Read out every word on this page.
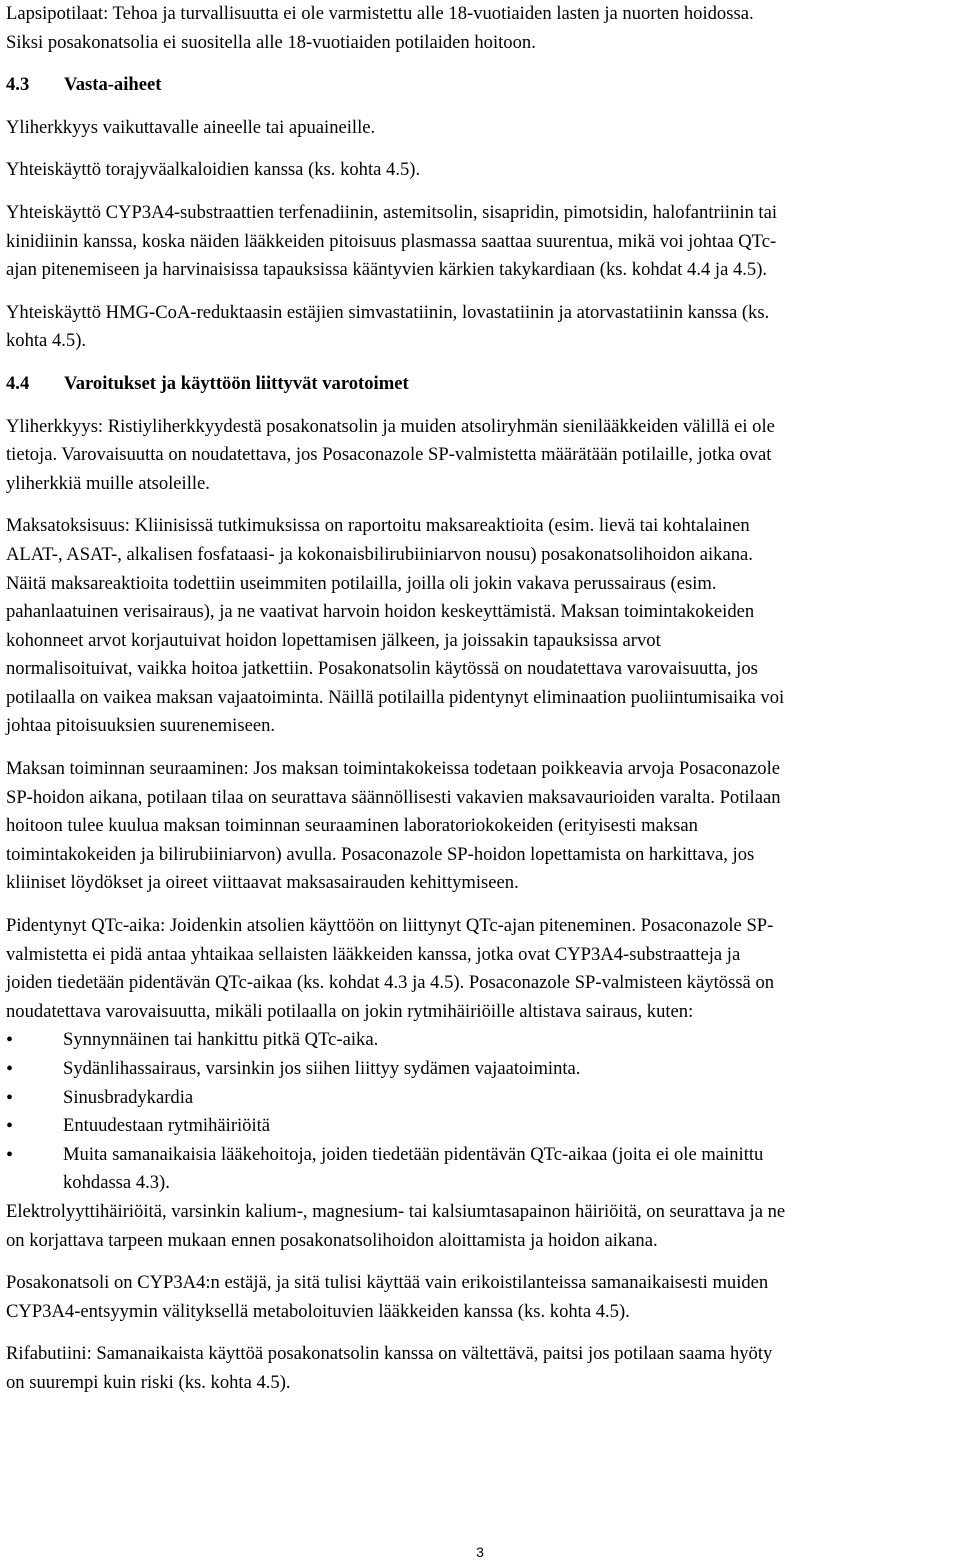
Lapsipotilaat: Tehoa ja turvallisuutta ei ole varmistettu alle 18-vuotiaiden lasten ja nuorten hoidossa.
Siksi posakonatsolia ei suositella alle 18-vuotiaiden potilaiden hoitoon.
4.3 Vasta-aiheet
Yliherkkyys vaikuttavalle aineelle tai apuaineille.
Yhteiskäyttö torajyväalkaloidien kanssa (ks. kohta 4.5).
Yhteiskäyttö CYP3A4-substraattien terfenadiinin, astemitsolin, sisapridin, pimotsidin, halofantriinin tai
kinidiinin kanssa, koska näiden lääkkeiden pitoisuus plasmassa saattaa suurentua, mikä voi johtaa QTc-
ajan pitenemiseen ja harvinaisissa tapauksissa kääntyvien kärkien takykardiaan (ks. kohdat 4.4 ja 4.5).
Yhteiskäyttö HMG-CoA-reduktaasin estäjien simvastatiinin, lovastatiinin ja atorvastatiinin kanssa (ks.
kohta 4.5).
4.4 Varoitukset ja käyttöön liittyvät varotoimet
Yliherkkyys: Ristiyliherkkyydestä posakonatsolin ja muiden atsoliryhmän sienilääkkeiden välillä ei ole
tietoja. Varovaisuutta on noudatettava, jos Posaconazole SP-valmistetta määrätään potilaille, jotka ovat
yliherkkiä muille atsoleille.
Maksatoksisuus: Kliinisissä tutkimuksissa on raportoitu maksareaktioita (esim. lievä tai kohtalainen
ALAT-, ASAT-, alkalisen fosfataasi- ja kokonaisbilirubiiniarvon nousu) posakonatsolihoidon aikana.
Näitä maksareaktioita todettiin useimmiten potilailla, joilla oli jokin vakava perussairaus (esim.
pahanlaatuinen verisairaus), ja ne vaativat harvoin hoidon keskeyttämistä. Maksan toimintakokeiden
kohonneet arvot korjautuivat hoidon lopettamisen jälkeen, ja joissakin tapauksissa arvot
normalisoituivat, vaikka hoitoa jatkettiin. Posakonatsolin käytössä on noudatettava varovaisuutta, jos
potilaalla on vaikea maksan vajaatoiminta. Näillä potilailla pidentynyt eliminaation puoliintumisaika voi
johtaa pitoisuuksien suurenemiseen.
Maksan toiminnan seuraaminen: Jos maksan toimintakokeissa todetaan poikkeavia arvoja Posaconazole
SP-hoidon aikana, potilaan tilaa on seurattava säännöllisesti vakavien maksavaurioiden varalta. Potilaan
hoitoon tulee kuulua maksan toiminnan seuraaminen laboratoriokokeiden (erityisesti maksan
toimintakokeiden ja bilirubiiniarvon) avulla. Posaconazole SP-hoidon lopettamista on harkittava, jos
kliiniset löydökset ja oireet viittaavat maksasairauden kehittymiseen.
Pidentynyt QTc-aika: Joidenkin atsolien käyttöön on liittynyt QTc-ajan piteneminen. Posaconazole SP-
valmistetta ei pidä antaa yhtaikaa sellaisten lääkkeiden kanssa, jotka ovat CYP3A4-substraatteja ja
joiden tiedetään pidentävän QTc-aikaa (ks. kohdat 4.3 ja 4.5). Posaconazole SP-valmisteen käytössä on
noudatettava varovaisuutta, mikäli potilaalla on jokin rytmihäiriöille altistava sairaus, kuten:
• Synnynnäinen tai hankittu pitkä QTc-aika.
• Sydänlihassairaus, varsinkin jos siihen liittyy sydämen vajaatoiminta.
• Sinusbradykardia
• Entuudestaan rytmihäiriöitä
• Muita samanaikaisia lääkehoitoja, joiden tiedetään pidentävän QTc-aikaa (joita ei ole mainittu
kohdassa 4.3).
Elektrolyyttihäiriöitä, varsinkin kalium-, magnesium- tai kalsiumtasapainon häiriöitä, on seurattava ja ne
on korjattava tarpeen mukaan ennen posakonatsolihoidon aloittamista ja hoidon aikana.
Posakonatsoli on CYP3A4:n estäjä, ja sitä tulisi käyttää vain erikoistilanteissa samanaikaisesti muiden
CYP3A4-entsyymin välityksellä metaboloituvien lääkkeiden kanssa (ks. kohta 4.5).
Rifabutiini: Samanaikaista käyttöä posakonatsolin kanssa on vältettävä, paitsi jos potilaan saama hyöty
on suurempi kuin riski (ks. kohta 4.5).
3
